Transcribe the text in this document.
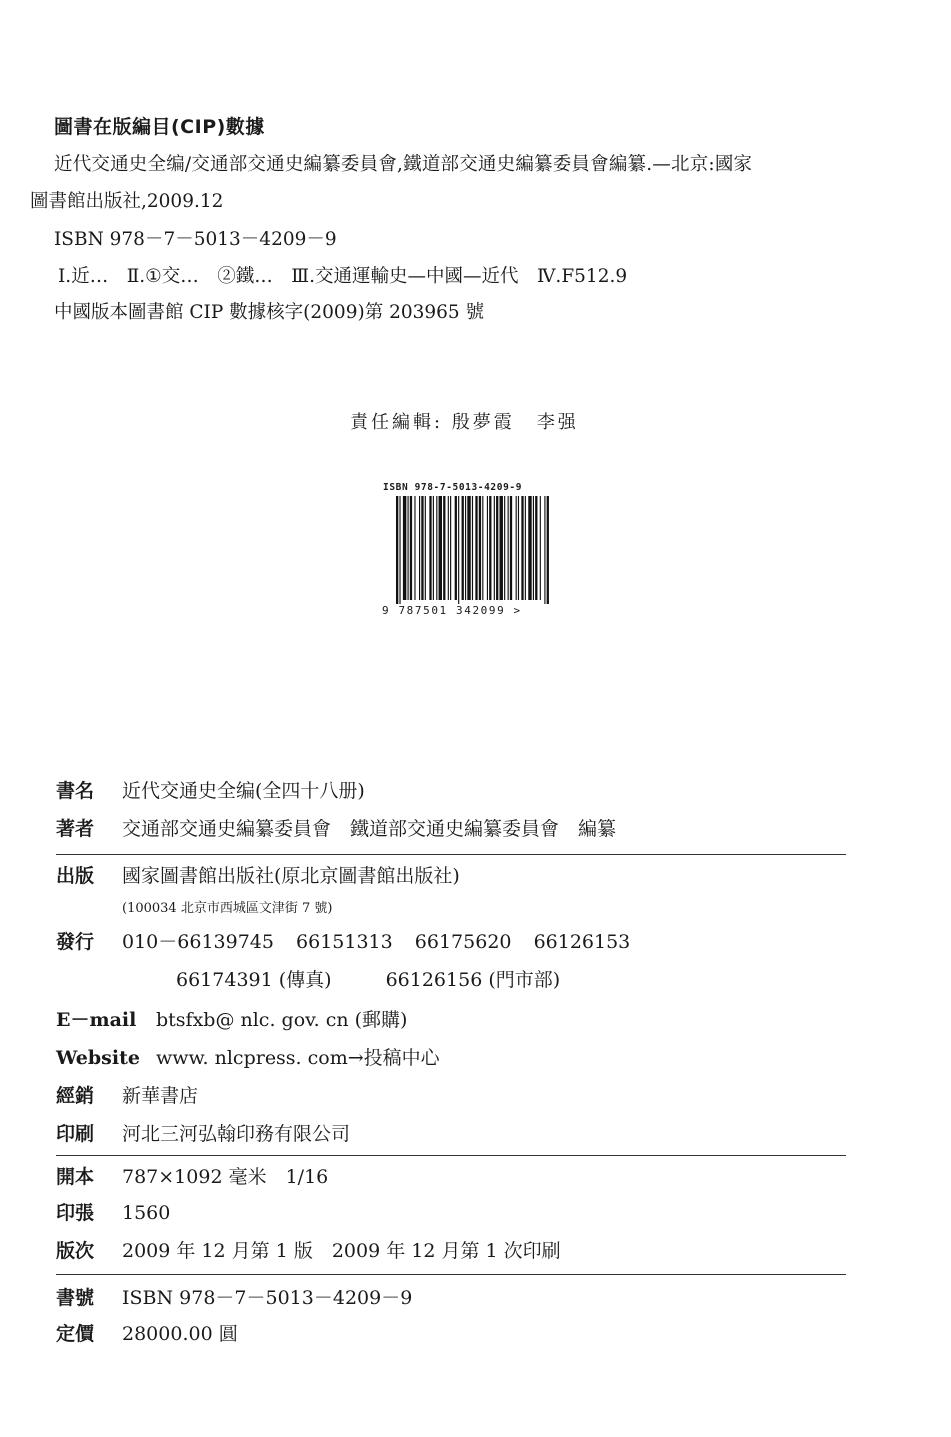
圖書在版編目(CIP)數據
近代交通史全编/交通部交通史編纂委員會,鐵道部交通史編纂委員會編纂.—北京:國家
圖書館出版社,2009.12
ISBN 978－7－5013－4209－9
Ⅰ.近…　Ⅱ.①交…　②鐵…　Ⅲ.交通運輸史—中國—近代　Ⅳ.F512.9
中國版本圖書館 CIP 數據核字(2009)第 203965 號
責任編輯: 殷夢霞 李强
ISBN 978-7-5013-4209-9
9 787501 342099 >
書名	近代交通史全编(全四十八册)
著者	交通部交通史編纂委員會　鐵道部交通史編纂委員會　編纂
出版	國家圖書館出版社(原北京圖書館出版社)
(100034 北京市西城區文津街 7 號)
發行	010－66139745 66151313 66175620 66126153
66174391 (傳真)	66126156 (門市部)
E－mail	btsfxb@ nlc. gov. cn (郵購)
Website www. nlcpress. com→投稿中心
經銷	新華書店
印刷	河北三河弘翰印務有限公司
開本	787×1092 毫米　1/16
印張	1560
版次	2009 年 12 月第 1 版　2009 年 12 月第 1 次印刷
書號	ISBN 978－7－5013－4209－9
定價	28000.00 圓
